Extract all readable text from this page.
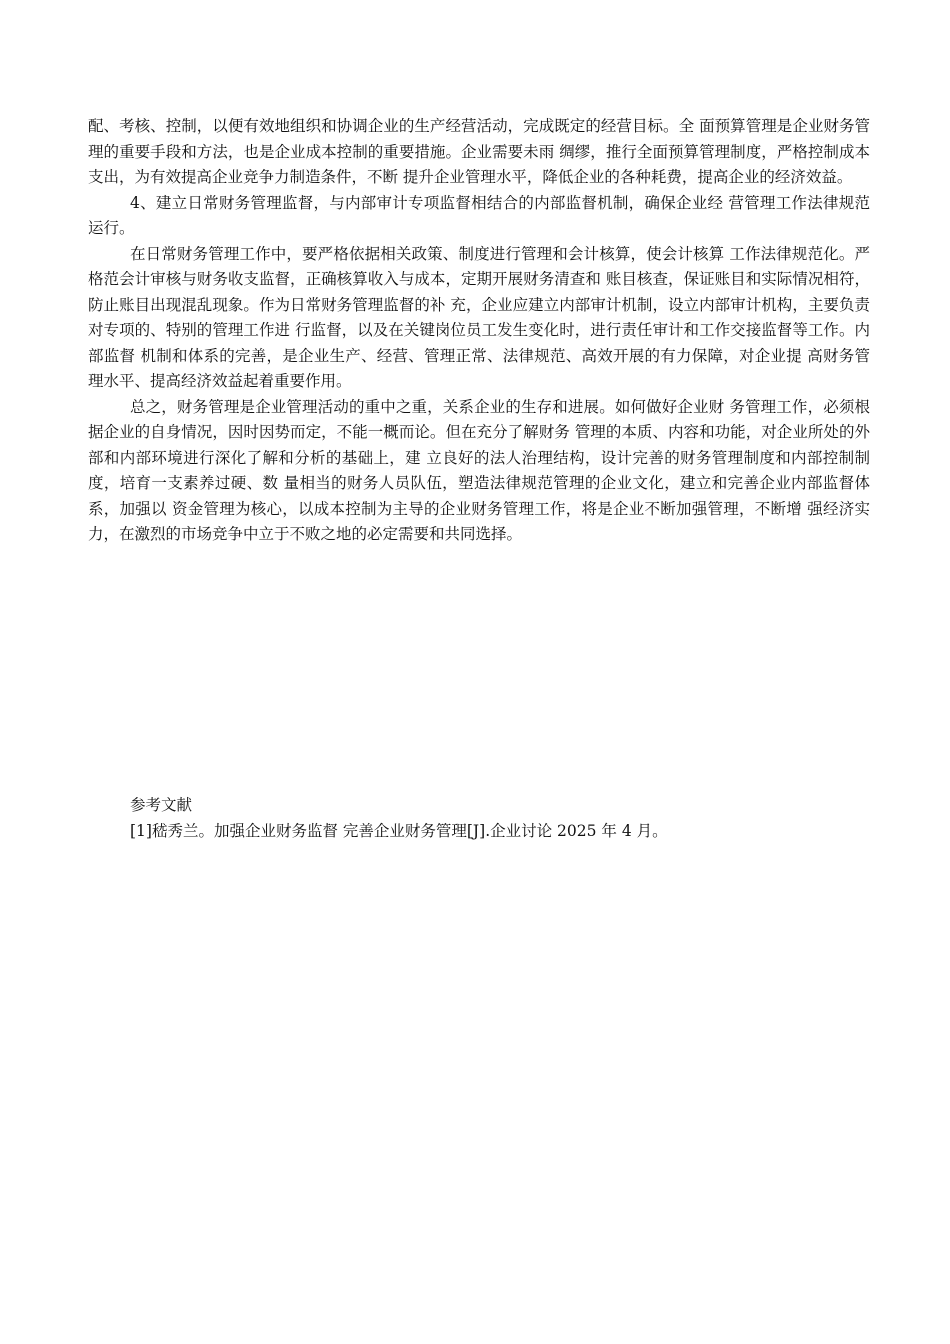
配、考核、控制，以便有效地组织和协调企业的生产经营活动，完成既定的经营目标。全 面预算管理是企业财务管理的重要手段和方法，也是企业成本控制的重要措施。企业需要未雨 绸缪，推行全面预算管理制度，严格控制成本支出，为有效提高企业竞争力制造条件，不断 提升企业管理水平，降低企业的各种耗费，提高企业的经济效益。

4、建立日常财务管理监督，与内部审计专项监督相结合的内部监督机制，确保企业经 营管理工作法律规范运行。

在日常财务管理工作中，要严格依据相关政策、制度进行管理和会计核算，使会计核算 工作法律规范化。严格范会计审核与财务收支监督，正确核算收入与成本，定期开展财务清查和 账目核查，保证账目和实际情况相符，防止账目出现混乱现象。作为日常财务管理监督的补 充，企业应建立内部审计机制，设立内部审计机构，主要负责对专项的、特别的管理工作进 行监督，以及在关键岗位员工发生变化时，进行责任审计和工作交接监督等工作。内部监督 机制和体系的完善，是企业生产、经营、管理正常、法律规范、高效开展的有力保障，对企业提 高财务管理水平、提高经济效益起着重要作用。

总之，财务管理是企业管理活动的重中之重，关系企业的生存和进展。如何做好企业财 务管理工作，必须根据企业的自身情况，因时因势而定，不能一概而论。但在充分了解财务 管理的本质、内容和功能，对企业所处的外部和内部环境进行深化了解和分析的基础上，建 立良好的法人治理结构，设计完善的财务管理制度和内部控制制度，培育一支素养过硬、数 量相当的财务人员队伍，塑造法律规范管理的企业文化，建立和完善企业内部监督体系，加强以 资金管理为核心，以成本控制为主导的企业财务管理工作，将是企业不断加强管理，不断增 强经济实力，在激烈的市场竞争中立于不败之地的必定需要和共同选择。

参考文献

[1]嵇秀兰。加强企业财务监督 完善企业财务管理[J].企业讨论 2025 年 4 月。
